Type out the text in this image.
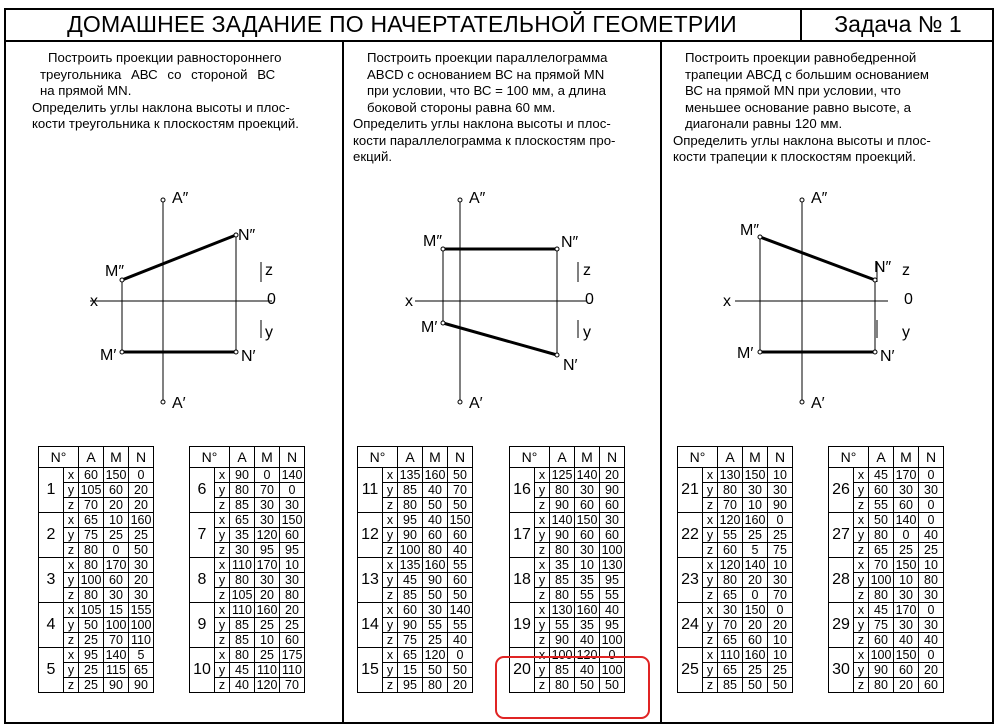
ДОМАШНЕЕ ЗАДАНИЕ ПО НАЧЕРТАТЕЛЬНОЙ ГЕОМЕТРИИ	Задача № 1
Построить проекции равностороннего
треугольника АВС со стороной ВС
на прямой MN.
Определить углы наклона высоты и плос-
кости треугольника к плоскостям проекций.
Построить проекции параллелограмма
ABCD с основанием ВС на прямой MN
при условии, что ВС = 100 мм, а длина
боковой стороны равна 60 мм.
Определить углы наклона высоты и плос-
кости параллелограмма к плоскостям про-
екций.
Построить проекции равнобедренной
трапеции АВСД с большим основанием
ВС на прямой MN при условии, что
меньшее основание равно высоте, а
диагонали равны 120 мм.
Определить углы наклона высоты и плос-
кости трапеции к плоскостям проекций.
A″
A′
M″
N″
M′	N′
x
z
0
y
A″
A′
M″	N″
M′
N′
x
z
0
y
A″
A′
M″
N″
M′	N′
x
z
0
y
N°		A	M	N
1	x	60	150	0
	y	105	60	20
	z	70	20	20
2	x	65	10	160
	y	75	25	25
	z	80	0	50
3	x	80	170	30
	y	100	60	20
	z	80	30	30
4	x	105	15	155
	y	50	100	100
	z	25	70	110
5	x	95	140	5
	y	25	115	65
	z	25	90	90
N°		A	M	N
6	x	90	0	140
	y	80	70	0
	z	85	30	30
7	x	65	30	150
	y	35	120	60
	z	30	95	95
8	x	110	170	10
	y	80	30	30
	z	105	20	80
9	x	110	160	20
	y	85	25	25
	z	85	10	60
10	x	80	25	175
	y	45	110	110
	z	40	120	70
N°		A	M	N
11	x	135	160	50
	y	85	40	70
	z	80	50	50
12	x	95	40	150
	y	90	60	60
	z	100	80	40
13	x	135	160	55
	y	45	90	60
	z	85	50	50
14	x	60	30	140
	y	90	55	55
	z	75	25	40
15	x	65	120	0
	y	15	50	50
	z	95	80	20
N°		A	M	N
16	x	125	140	20
	y	80	30	90
	z	90	60	60
17	x	140	150	30
	y	90	60	60
	z	80	30	100
18	x	35	10	130
	y	85	35	95
	z	80	55	55
19	x	130	160	40
	y	55	35	95
	z	90	40	100
20	x	100	120	0
	y	85	40	100
	z	80	50	50
N°		A	M	N
21	x	130	150	10
	y	80	30	30
	z	70	10	90
22	x	120	160	0
	y	55	25	25
	z	60	5	75
23	x	120	140	10
	y	80	20	30
	z	65	0	70
24	x	30	150	0
	y	70	20	20
	z	65	60	10
25	x	110	160	10
	y	65	25	25
	z	85	50	50
N°		A	M	N
26	x	45	170	0
	y	60	30	30
	z	55	60	0
27	x	50	140	0
	y	80	0	40
	z	65	25	25
28	x	70	150	10
	y	100	10	80
	z	80	30	30
29	x	45	170	0
	y	75	30	30
	z	60	40	40
30	x	100	150	0
	y	90	60	20
	z	80	20	60
